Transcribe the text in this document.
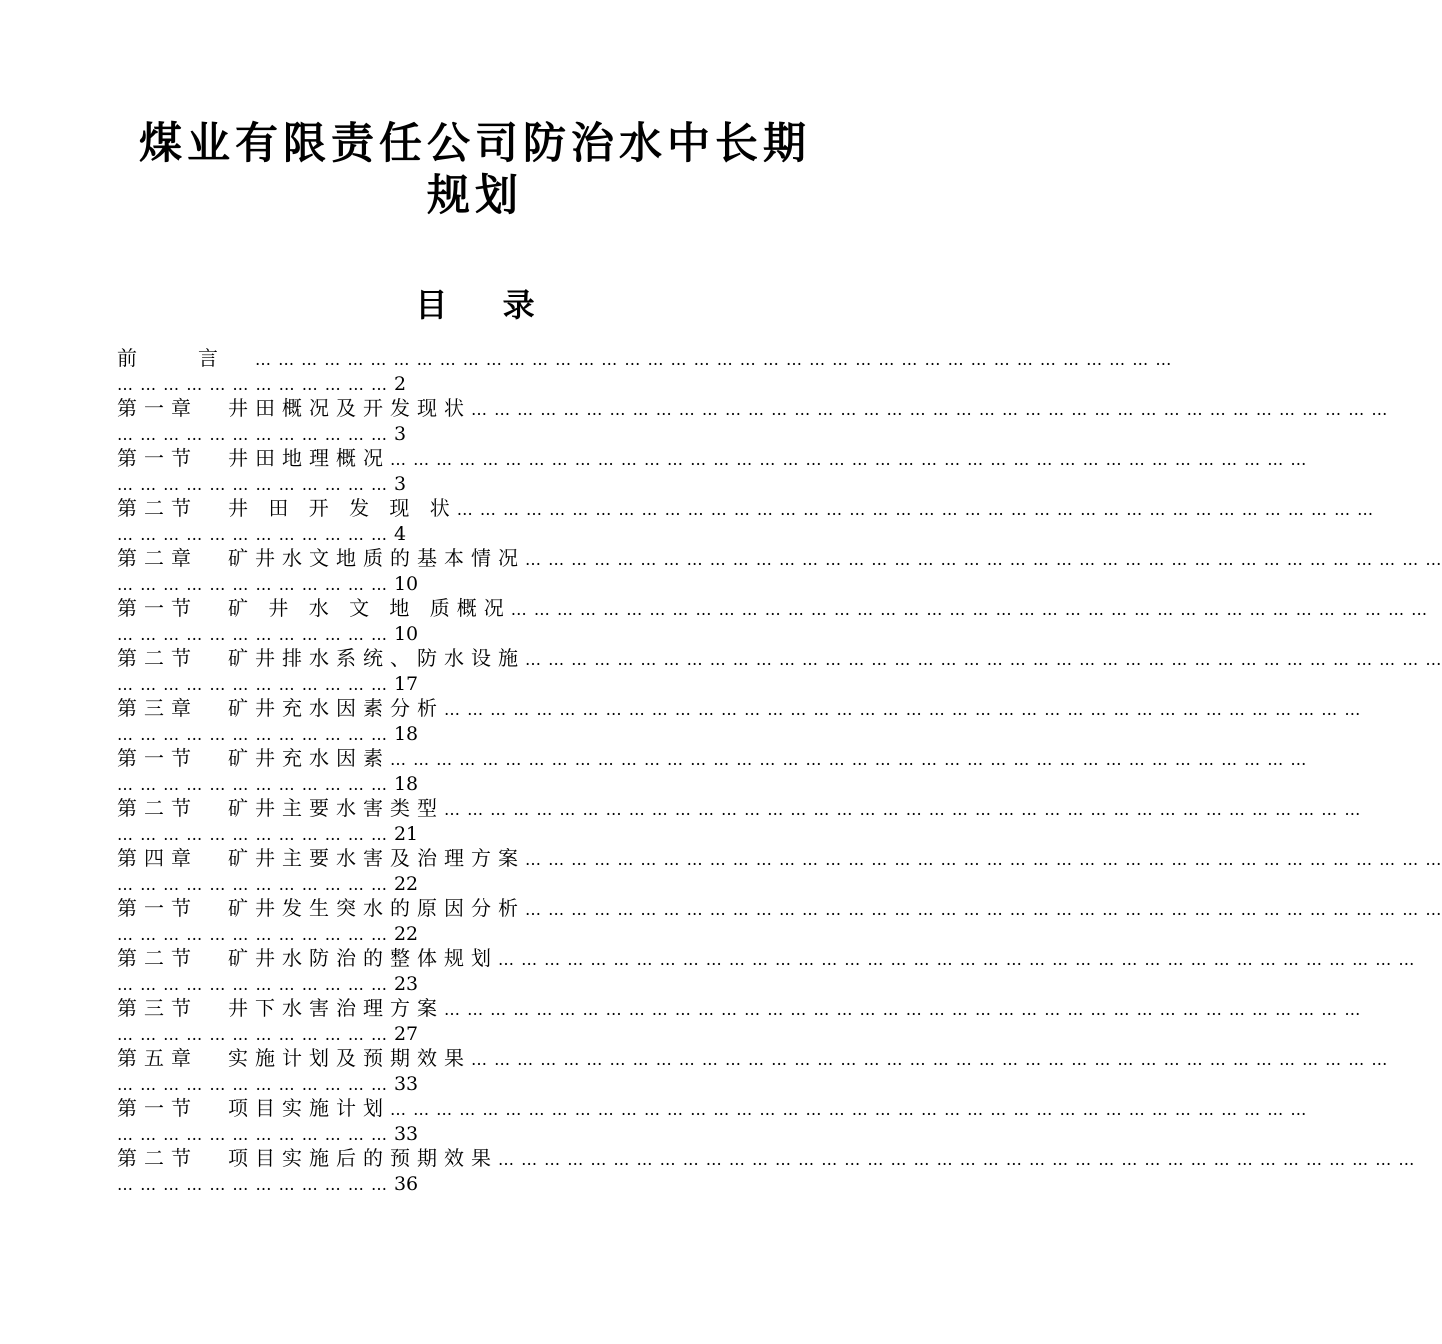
煤业有限责任公司防治水中长期
规划
目 录
前　　言 … … … … … … … … … … … … … … … … … … … … … … … … … … … … … … … … … … … … … … … …
… … … … … … … … … … … …2
第一章 井田概况及开发现状… … … … … … … … … … … … … … … … … … … … … … … … … … … … … … … … … … … … … … … …
… … … … … … … … … … … …3
第一节 井田地理概况… … … … … … … … … … … … … … … … … … … … … … … … … … … … … … … … … … … … … … … …
… … … … … … … … … … … …3
第二节 井 田 开 发 现 状… … … … … … … … … … … … … … … … … … … … … … … … … … … … … … … … … … … … … … … …
… … … … … … … … … … … …4
第二章 矿井水文地质的基本情况… … … … … … … … … … … … … … … … … … … … … … … … … … … … … … … … … … … … … … … …
… … … … … … … … … … … …10
第一节 矿 井 水 文 地 质概况… … … … … … … … … … … … … … … … … … … … … … … … … … … … … … … … … … … … … … … …
… … … … … … … … … … … …10
第二节 矿井排水系统、防水设施… … … … … … … … … … … … … … … … … … … … … … … … … … … … … … … … … … … … … … … …
… … … … … … … … … … … …17
第三章 矿井充水因素分析… … … … … … … … … … … … … … … … … … … … … … … … … … … … … … … … … … … … … … … …
… … … … … … … … … … … …18
第一节 矿井充水因素… … … … … … … … … … … … … … … … … … … … … … … … … … … … … … … … … … … … … … … …
… … … … … … … … … … … …18
第二节 矿井主要水害类型… … … … … … … … … … … … … … … … … … … … … … … … … … … … … … … … … … … … … … … …
… … … … … … … … … … … …21
第四章 矿井主要水害及治理方案… … … … … … … … … … … … … … … … … … … … … … … … … … … … … … … … … … … … … … … …
… … … … … … … … … … … …22
第一节 矿井发生突水的原因分析… … … … … … … … … … … … … … … … … … … … … … … … … … … … … … … … … … … … … … … …
… … … … … … … … … … … …22
第二节 矿井水防治的整体规划… … … … … … … … … … … … … … … … … … … … … … … … … … … … … … … … … … … … … … … …
… … … … … … … … … … … …23
第三节 井下水害治理方案… … … … … … … … … … … … … … … … … … … … … … … … … … … … … … … … … … … … … … … …
… … … … … … … … … … … …27
第五章 实施计划及预期效果… … … … … … … … … … … … … … … … … … … … … … … … … … … … … … … … … … … … … … … …
… … … … … … … … … … … …33
第一节 项目实施计划… … … … … … … … … … … … … … … … … … … … … … … … … … … … … … … … … … … … … … … …
… … … … … … … … … … … …33
第二节 项目实施后的预期效果… … … … … … … … … … … … … … … … … … … … … … … … … … … … … … … … … … … … … … … …
… … … … … … … … … … … …36
